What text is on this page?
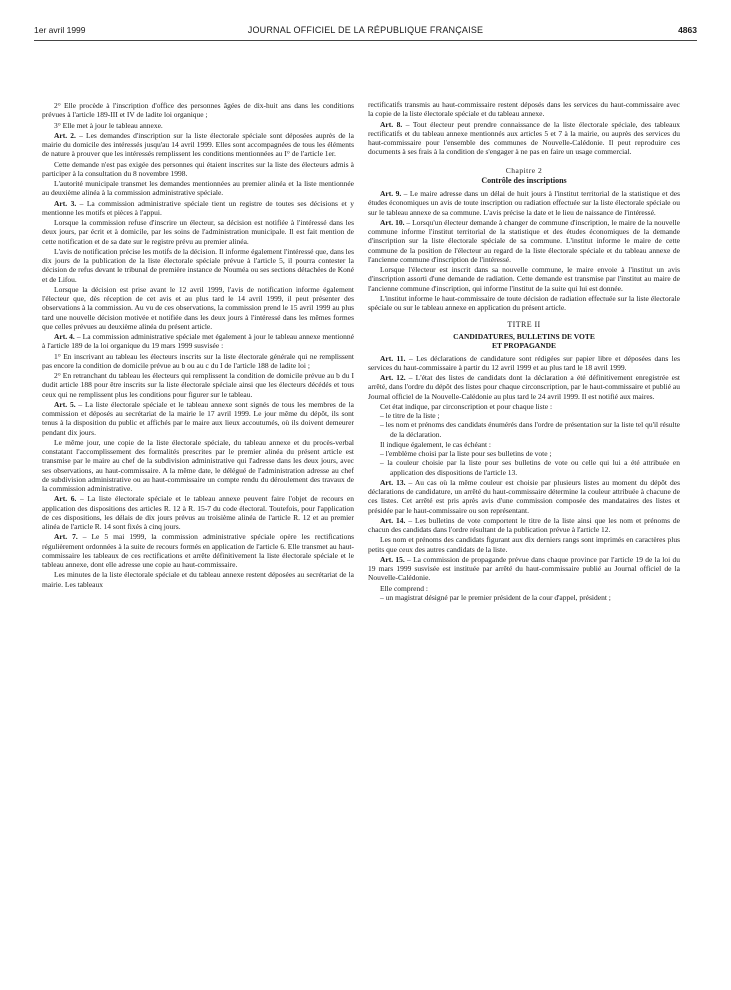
1er avril 1999	JOURNAL OFFICIEL DE LA RÉPUBLIQUE FRANÇAISE	4863

2° Elle procède à l'inscription d'office des personnes âgées de dix-huit ans dans les conditions prévues à l'article 189-III et IV de ladite loi organique ;

3° Elle met à jour le tableau annexe.

Art. 2. – Les demandes d'inscription sur la liste électorale spéciale sont déposées auprès de la mairie du domicile des intéressés jusqu'au 14 avril 1999. Elles sont accompagnées de tous les éléments de nature à prouver que les intéressés remplissent les conditions mentionnées au I° de l'article 1er.

Cette demande n'est pas exigée des personnes qui étaient inscrites sur la liste des électeurs admis à participer à la consultation du 8 novembre 1998.

L'autorité municipale transmet les demandes mentionnées au premier alinéa et la liste mentionnée au deuxième alinéa à la commission administrative spéciale.

Art. 3. – La commission administrative spéciale tient un registre de toutes ses décisions et y mentionne les motifs et pièces à l'appui.

Lorsque la commission refuse d'inscrire un électeur, sa décision est notifiée à l'intéressé dans les deux jours, par écrit et à domicile, par les soins de l'administration municipale. Il est fait mention de cette notification et de sa date sur le registre prévu au premier alinéa.

L'avis de notification précise les motifs de la décision. Il informe également l'intéressé que, dans les dix jours de la publication de la liste électorale spéciale prévue à l'article 5, il pourra contester la décision de refus devant le tribunal de première instance de Nouméa ou ses sections détachées de Koné et de Lifou.

Lorsque la décision est prise avant le 12 avril 1999, l'avis de notification informe également l'électeur que, dès réception de cet avis et au plus tard le 14 avril 1999, il peut présenter des observations à la commission. Au vu de ces observations, la commission prend le 15 avril 1999 au plus tard une nouvelle décision motivée et notifiée dans les deux jours à l'intéressé dans les mêmes formes que celles prévues au deuxième alinéa du présent article.

Art. 4. – La commission administrative spéciale met également à jour le tableau annexe mentionné à l'article 189 de la loi organique du 19 mars 1999 susvisée :

1° En inscrivant au tableau les électeurs inscrits sur la liste électorale générale qui ne remplissent pas encore la condition de domicile prévue au b ou au c du I de l'article 188 de ladite loi ;

2° En retranchant du tableau les électeurs qui remplissent la condition de domicile prévue au b du I dudit article 188 pour être inscrits sur la liste électorale spéciale ainsi que les électeurs décédés et tous ceux qui ne remplissent plus les conditions pour figurer sur le tableau.

Art. 5. – La liste électorale spéciale et le tableau annexe sont signés de tous les membres de la commission et déposés au secrétariat de la mairie le 17 avril 1999. Le jour même du dépôt, ils sont tenus à la disposition du public et affichés par le maire aux lieux accoutumés, où ils doivent demeurer pendant dix jours.

Le même jour, une copie de la liste électorale spéciale, du tableau annexe et du procès-verbal constatant l'accomplissement des formalités prescrites par le premier alinéa du présent article est transmise par le maire au chef de la subdivision administrative qui l'adresse dans les deux jours, avec ses observations, au haut-commissaire. A la même date, le délégué de l'administration adresse au chef de subdivision administrative ou au haut-commissaire un compte rendu du déroulement des travaux de la commission administrative.

Art. 6. – La liste électorale spéciale et le tableau annexe peuvent faire l'objet de recours en application des dispositions des articles R. 12 à R. 15-7 du code électoral. Toutefois, pour l'application de ces dispositions, les délais de dix jours prévus au troisième alinéa de l'article R. 12 et au premier alinéa de l'article R. 14 sont fixés à cinq jours.

Art. 7. – Le 5 mai 1999, la commission administrative spéciale opère les rectifications régulièrement ordonnées à la suite de recours formés en application de l'article 6. Elle transmet au haut-commissaire les tableaux de ces rectifications et arrête définitivement la liste électorale spéciale et le tableau annexe, dont elle adresse une copie au haut-commissaire.

Les minutes de la liste électorale spéciale et du tableau annexe restent déposées au secrétariat de la mairie. Les tableaux

rectificatifs transmis au haut-commissaire restent déposés dans les services du haut-commissaire avec la copie de la liste électorale spéciale et du tableau annexe.

Art. 8. – Tout électeur peut prendre connaissance de la liste électorale spéciale, des tableaux rectificatifs et du tableau annexe mentionnés aux articles 5 et 7 à la mairie, ou auprès des services du haut-commissaire pour l'ensemble des communes de Nouvelle-Calédonie. Il peut reproduire ces documents à ses frais à la condition de s'engager à ne pas en faire un usage commercial.

Chapitre 2
Contrôle des inscriptions

Art. 9. – Le maire adresse dans un délai de huit jours à l'institut territorial de la statistique et des études économiques un avis de toute inscription ou radiation effectuée sur la liste électorale spéciale ou sur le tableau annexe de sa commune. L'avis précise la date et le lieu de naissance de l'intéressé.

Art. 10. – Lorsqu'un électeur demande à changer de commune d'inscription, le maire de la nouvelle commune informe l'institut territorial de la statistique et des études économiques de la demande d'inscription sur la liste électorale spéciale de sa commune. L'institut informe le maire de cette commune de la position de l'électeur au regard de la liste électorale spéciale et du tableau annexe de l'ancienne commune d'inscription de l'intéressé.

Lorsque l'électeur est inscrit dans sa nouvelle commune, le maire envoie à l'institut un avis d'inscription assorti d'une demande de radiation. Cette demande est transmise par l'institut au maire de l'ancienne commune d'inscription, qui informe l'institut de la suite qui lui est donnée.

L'institut informe le haut-commissaire de toute décision de radiation effectuée sur la liste électorale spéciale ou sur le tableau annexe en application du présent article.

TITRE II
CANDIDATURES, BULLETINS DE VOTE
ET PROPAGANDE

Art. 11. – Les déclarations de candidature sont rédigées sur papier libre et déposées dans les services du haut-commissaire à partir du 12 avril 1999 et au plus tard le 18 avril 1999.

Art. 12. – L'état des listes de candidats dont la déclaration a été définitivement enregistrée est arrêté, dans l'ordre du dépôt des listes pour chaque circonscription, par le haut-commissaire et publié au Journal officiel de la Nouvelle-Calédonie au plus tard le 24 avril 1999. Il est notifié aux maires.

Cet état indique, par circonscription et pour chaque liste :

– le titre de la liste ;

– les nom et prénoms des candidats énumérés dans l'ordre de présentation sur la liste tel qu'il résulte de la déclaration.

Il indique également, le cas échéant :

– l'emblème choisi par la liste pour ses bulletins de vote ;

– la couleur choisie par la liste pour ses bulletins de vote ou celle qui lui a été attribuée en application des dispositions de l'article 13.

Art. 13. – Au cas où la même couleur est choisie par plusieurs listes au moment du dépôt des déclarations de candidature, un arrêté du haut-commissaire détermine la couleur attribuée à chacune de ces listes. Cet arrêté est pris après avis d'une commission composée des mandataires des listes et présidée par le haut-commissaire ou son représentant.

Art. 14. – Les bulletins de vote comportent le titre de la liste ainsi que les nom et prénoms de chacun des candidats dans l'ordre résultant de la publication prévue à l'article 12.

Les nom et prénoms des candidats figurant aux dix derniers rangs sont imprimés en caractères plus petits que ceux des autres candidats de la liste.

Art. 15. – La commission de propagande prévue dans chaque province par l'article 19 de la loi du 19 mars 1999 susvisée est instituée par arrêté du haut-commissaire publié au Journal officiel de la Nouvelle-Calédonie.

Elle comprend :

– un magistrat désigné par le premier président de la cour d'appel, président ;
